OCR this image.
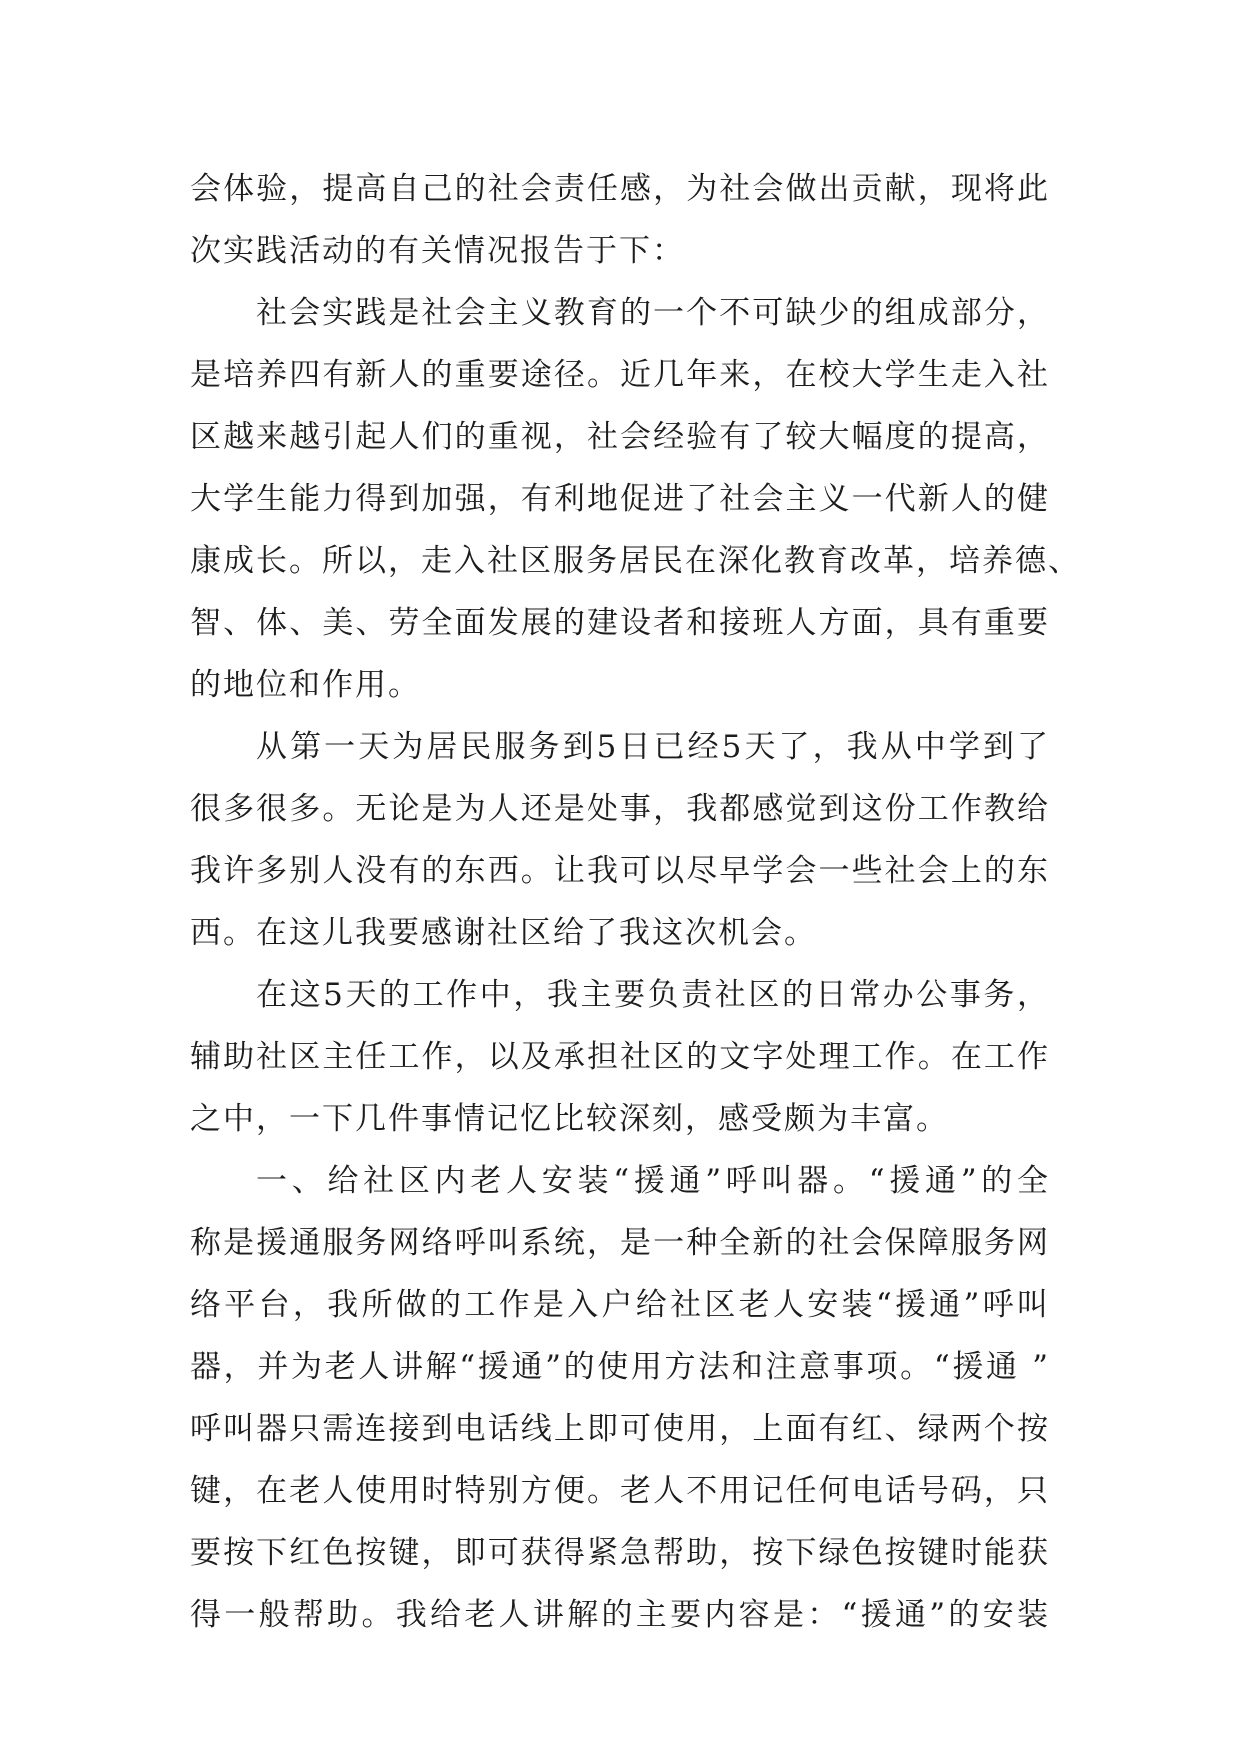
会体验，提高自己的社会责任感，为社会做出贡献，现将此
次实践活动的有关情况报告于下：
社会实践是社会主义教育的一个不可缺少的组成部分，
是培养四有新人的重要途径。近几年来，在校大学生走入社
区越来越引起人们的重视，社会经验有了较大幅度的提高，
大学生能力得到加强，有利地促进了社会主义一代新人的健
康成长。所以，走入社区服务居民在深化教育改革，培养德、
智、体、美、劳全面发展的建设者和接班人方面，具有重要
的地位和作用。
从第一天为居民服务到5日已经5天了，我从中学到了
很多很多。无论是为人还是处事，我都感觉到这份工作教给
我许多别人没有的东西。让我可以尽早学会一些社会上的东
西。在这儿我要感谢社区给了我这次机会。
在这5天的工作中，我主要负责社区的日常办公事务，
辅助社区主任工作，以及承担社区的文字处理工作。在工作
之中，一下几件事情记忆比较深刻，感受颇为丰富。
一、给社区内老人安装“援通”呼叫器。“援通”的全
称是援通服务网络呼叫系统，是一种全新的社会保障服务网
络平台，我所做的工作是入户给社区老人安装“援通”呼叫
器，并为老人讲解“援通”的使用方法和注意事项。“援通 ”
呼叫器只需连接到电话线上即可使用，上面有红、绿两个按
键，在老人使用时特别方便。老人不用记任何电话号码，只
要按下红色按键，即可获得紧急帮助，按下绿色按键时能获
得一般帮助。我给老人讲解的主要内容是：“援通”的安装
